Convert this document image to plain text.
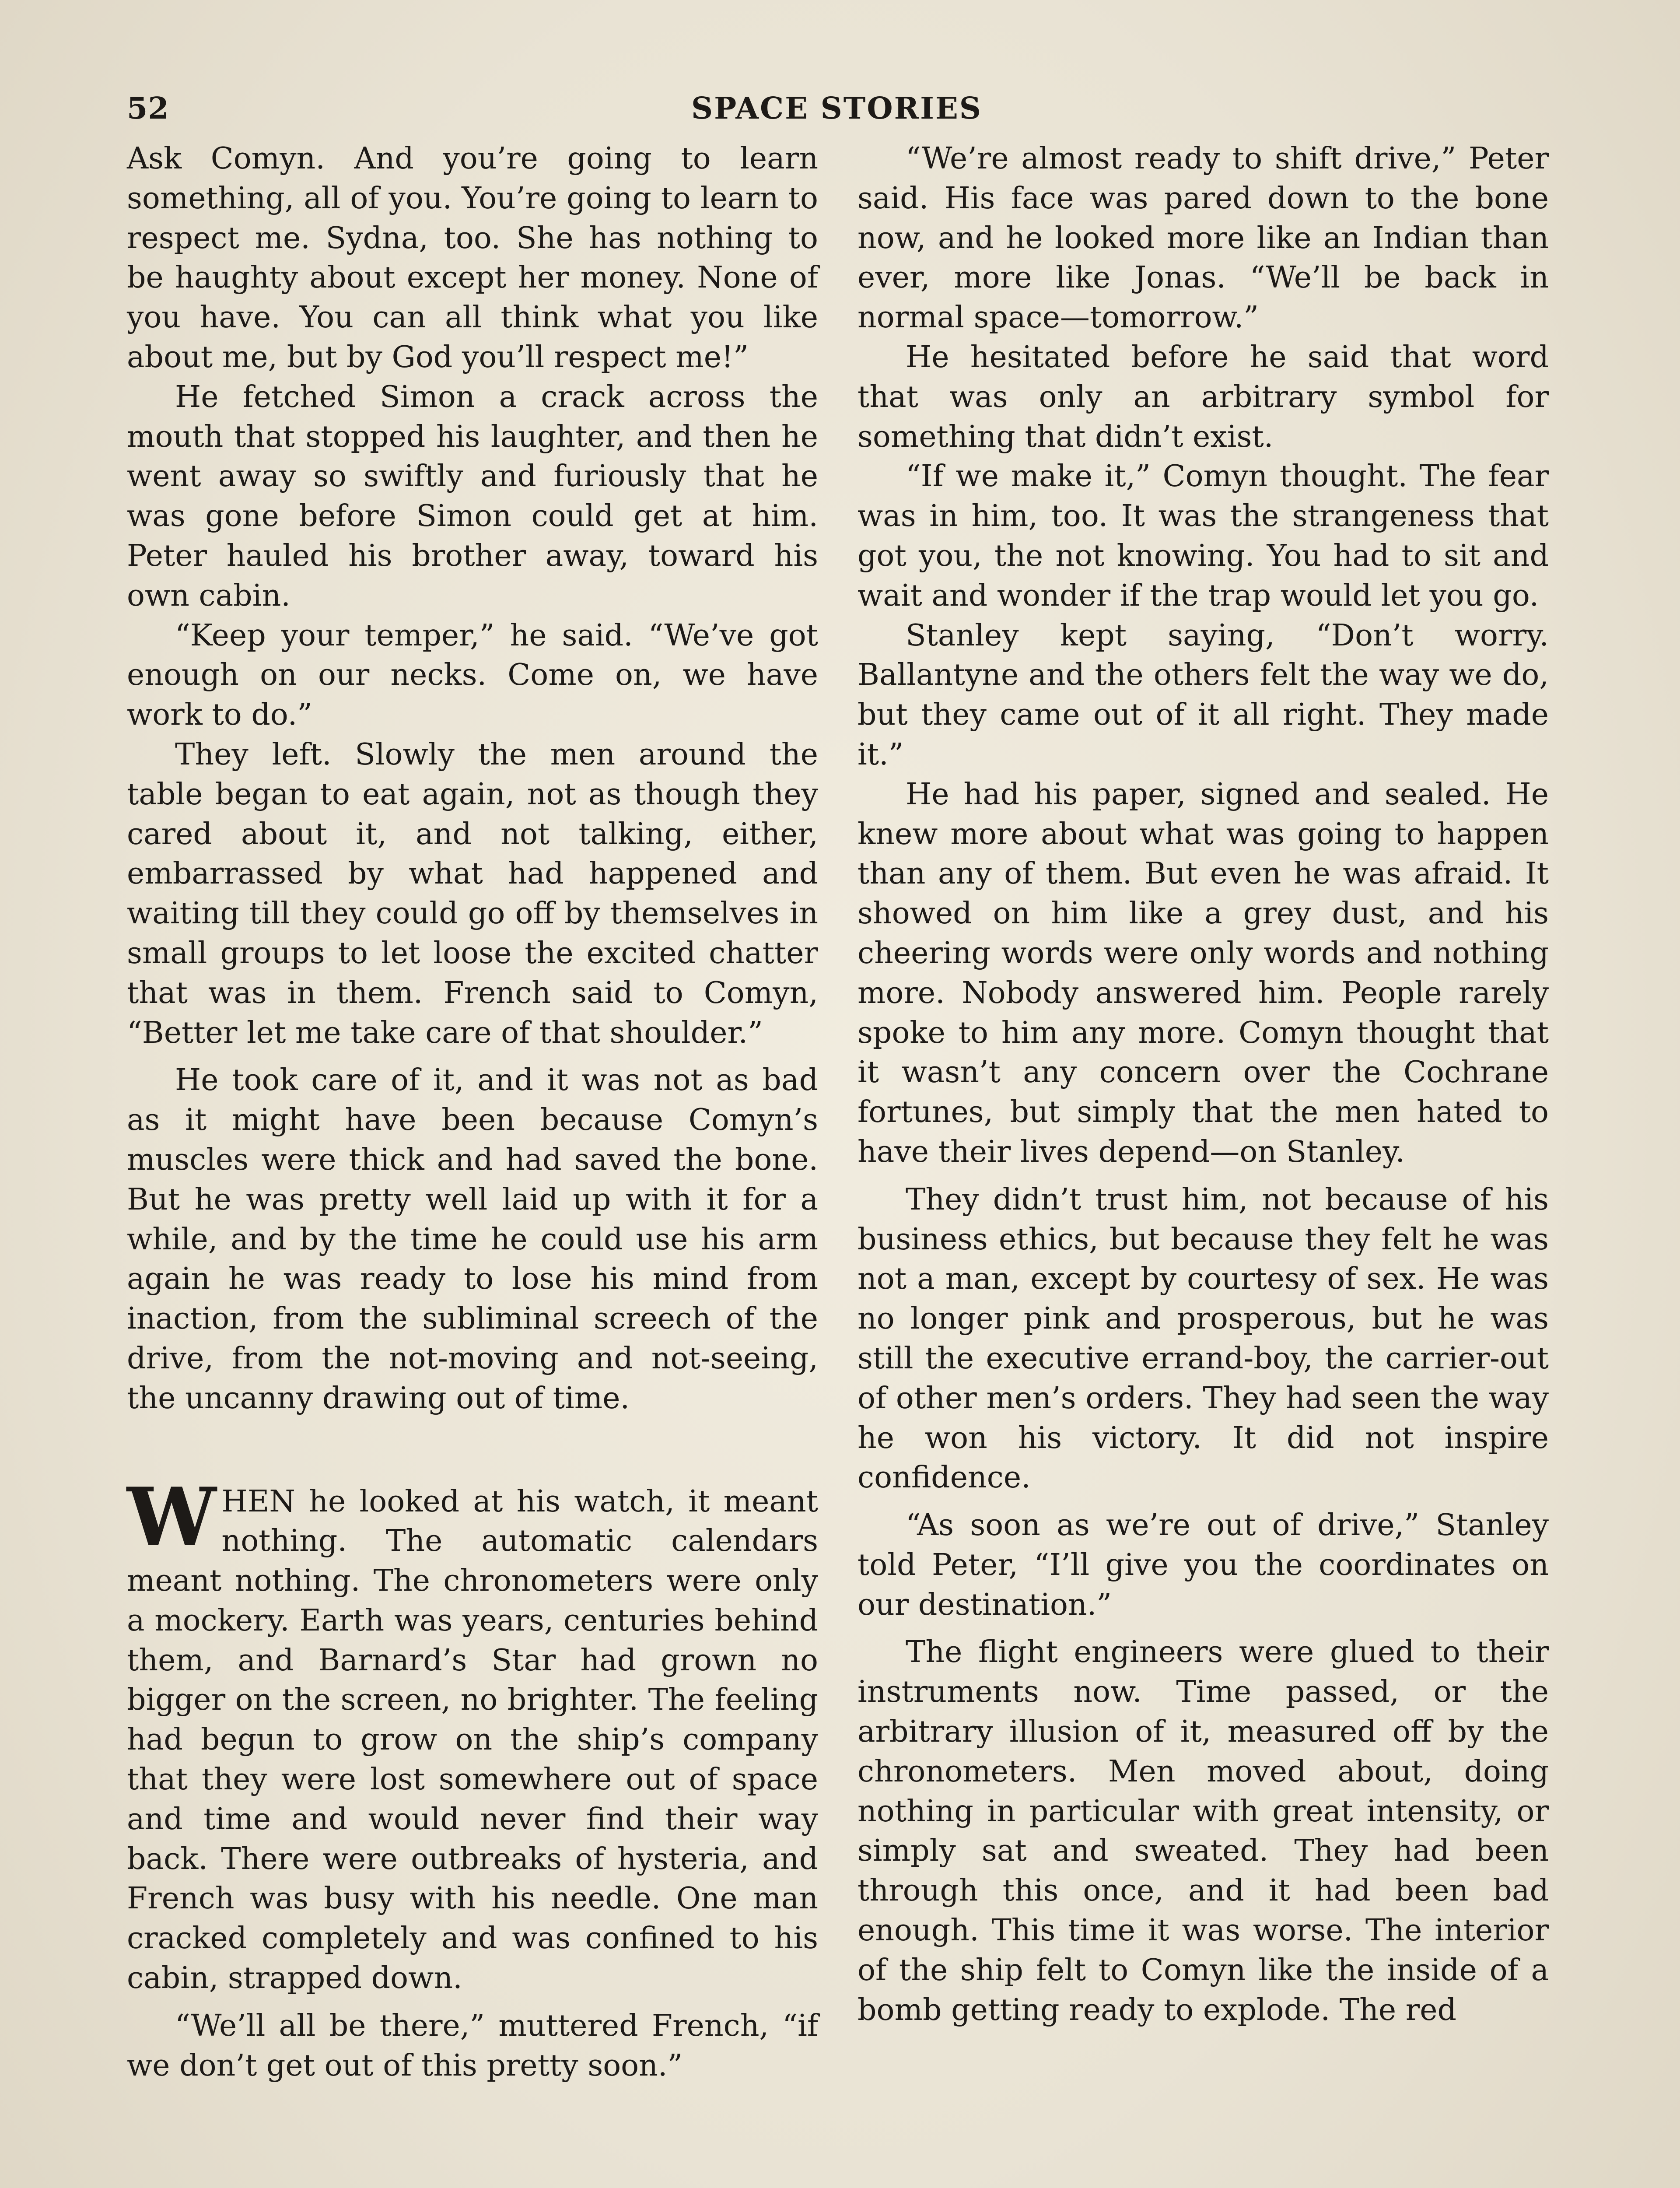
52	SPACE STORIES

Ask Comyn. And you’re going to learn something, all of you. You’re going to learn to respect me. Sydna, too. She has nothing to be haughty about except her money. None of you have. You can all think what you like about me, but by God you’ll respect me!”

He fetched Simon a crack across the mouth that stopped his laughter, and then he went away so swiftly and furiously that he was gone before Simon could get at him. Peter hauled his brother away, toward his own cabin.

“Keep your temper,” he said. “We’ve got enough on our necks. Come on, we have work to do.”

They left. Slowly the men around the table began to eat again, not as though they cared about it, and not talking, either, embarrassed by what had happened and waiting till they could go off by themselves in small groups to let loose the excited chatter that was in them. French said to Comyn, “Better let me take care of that shoulder.”

He took care of it, and it was not as bad as it might have been because Comyn’s muscles were thick and had saved the bone. But he was pretty well laid up with it for a while, and by the time he could use his arm again he was ready to lose his mind from inaction, from the subliminal screech of the drive, from the not-moving and not-seeing, the uncanny drawing out of time.

WHEN he looked at his watch, it meant nothing. The automatic calendars meant nothing. The chronometers were only a mockery. Earth was years, centuries behind them, and Barnard’s Star had grown no bigger on the screen, no brighter. The feeling had begun to grow on the ship’s company that they were lost somewhere out of space and time and would never find their way back. There were outbreaks of hysteria, and French was busy with his needle. One man cracked completely and was confined to his cabin, strapped down.

“We’ll all be there,” muttered French, “if we don’t get out of this pretty soon.”

“We’re almost ready to shift drive,” Peter said. His face was pared down to the bone now, and he looked more like an Indian than ever, more like Jonas. “We’ll be back in normal space—tomorrow.”

He hesitated before he said that word that was only an arbitrary symbol for something that didn’t exist.

“If we make it,” Comyn thought. The fear was in him, too. It was the strangeness that got you, the not knowing. You had to sit and wait and wonder if the trap would let you go.

Stanley kept saying, “Don’t worry. Ballantyne and the others felt the way we do, but they came out of it all right. They made it.”

He had his paper, signed and sealed. He knew more about what was going to happen than any of them. But even he was afraid. It showed on him like a grey dust, and his cheering words were only words and nothing more. Nobody answered him. People rarely spoke to him any more. Comyn thought that it wasn’t any concern over the Cochrane fortunes, but simply that the men hated to have their lives depend—on Stanley.

They didn’t trust him, not because of his business ethics, but because they felt he was not a man, except by courtesy of sex. He was no longer pink and prosperous, but he was still the executive errand-boy, the carrier-out of other men’s orders. They had seen the way he won his victory. It did not inspire confidence.

“As soon as we’re out of drive,” Stanley told Peter, “I’ll give you the coordinates on our destination.”

The flight engineers were glued to their instruments now. Time passed, or the arbitrary illusion of it, measured off by the chronometers. Men moved about, doing nothing in particular with great intensity, or simply sat and sweated. They had been through this once, and it had been bad enough. This time it was worse. The interior of the ship felt to Comyn like the inside of a bomb getting ready to explode. The red
